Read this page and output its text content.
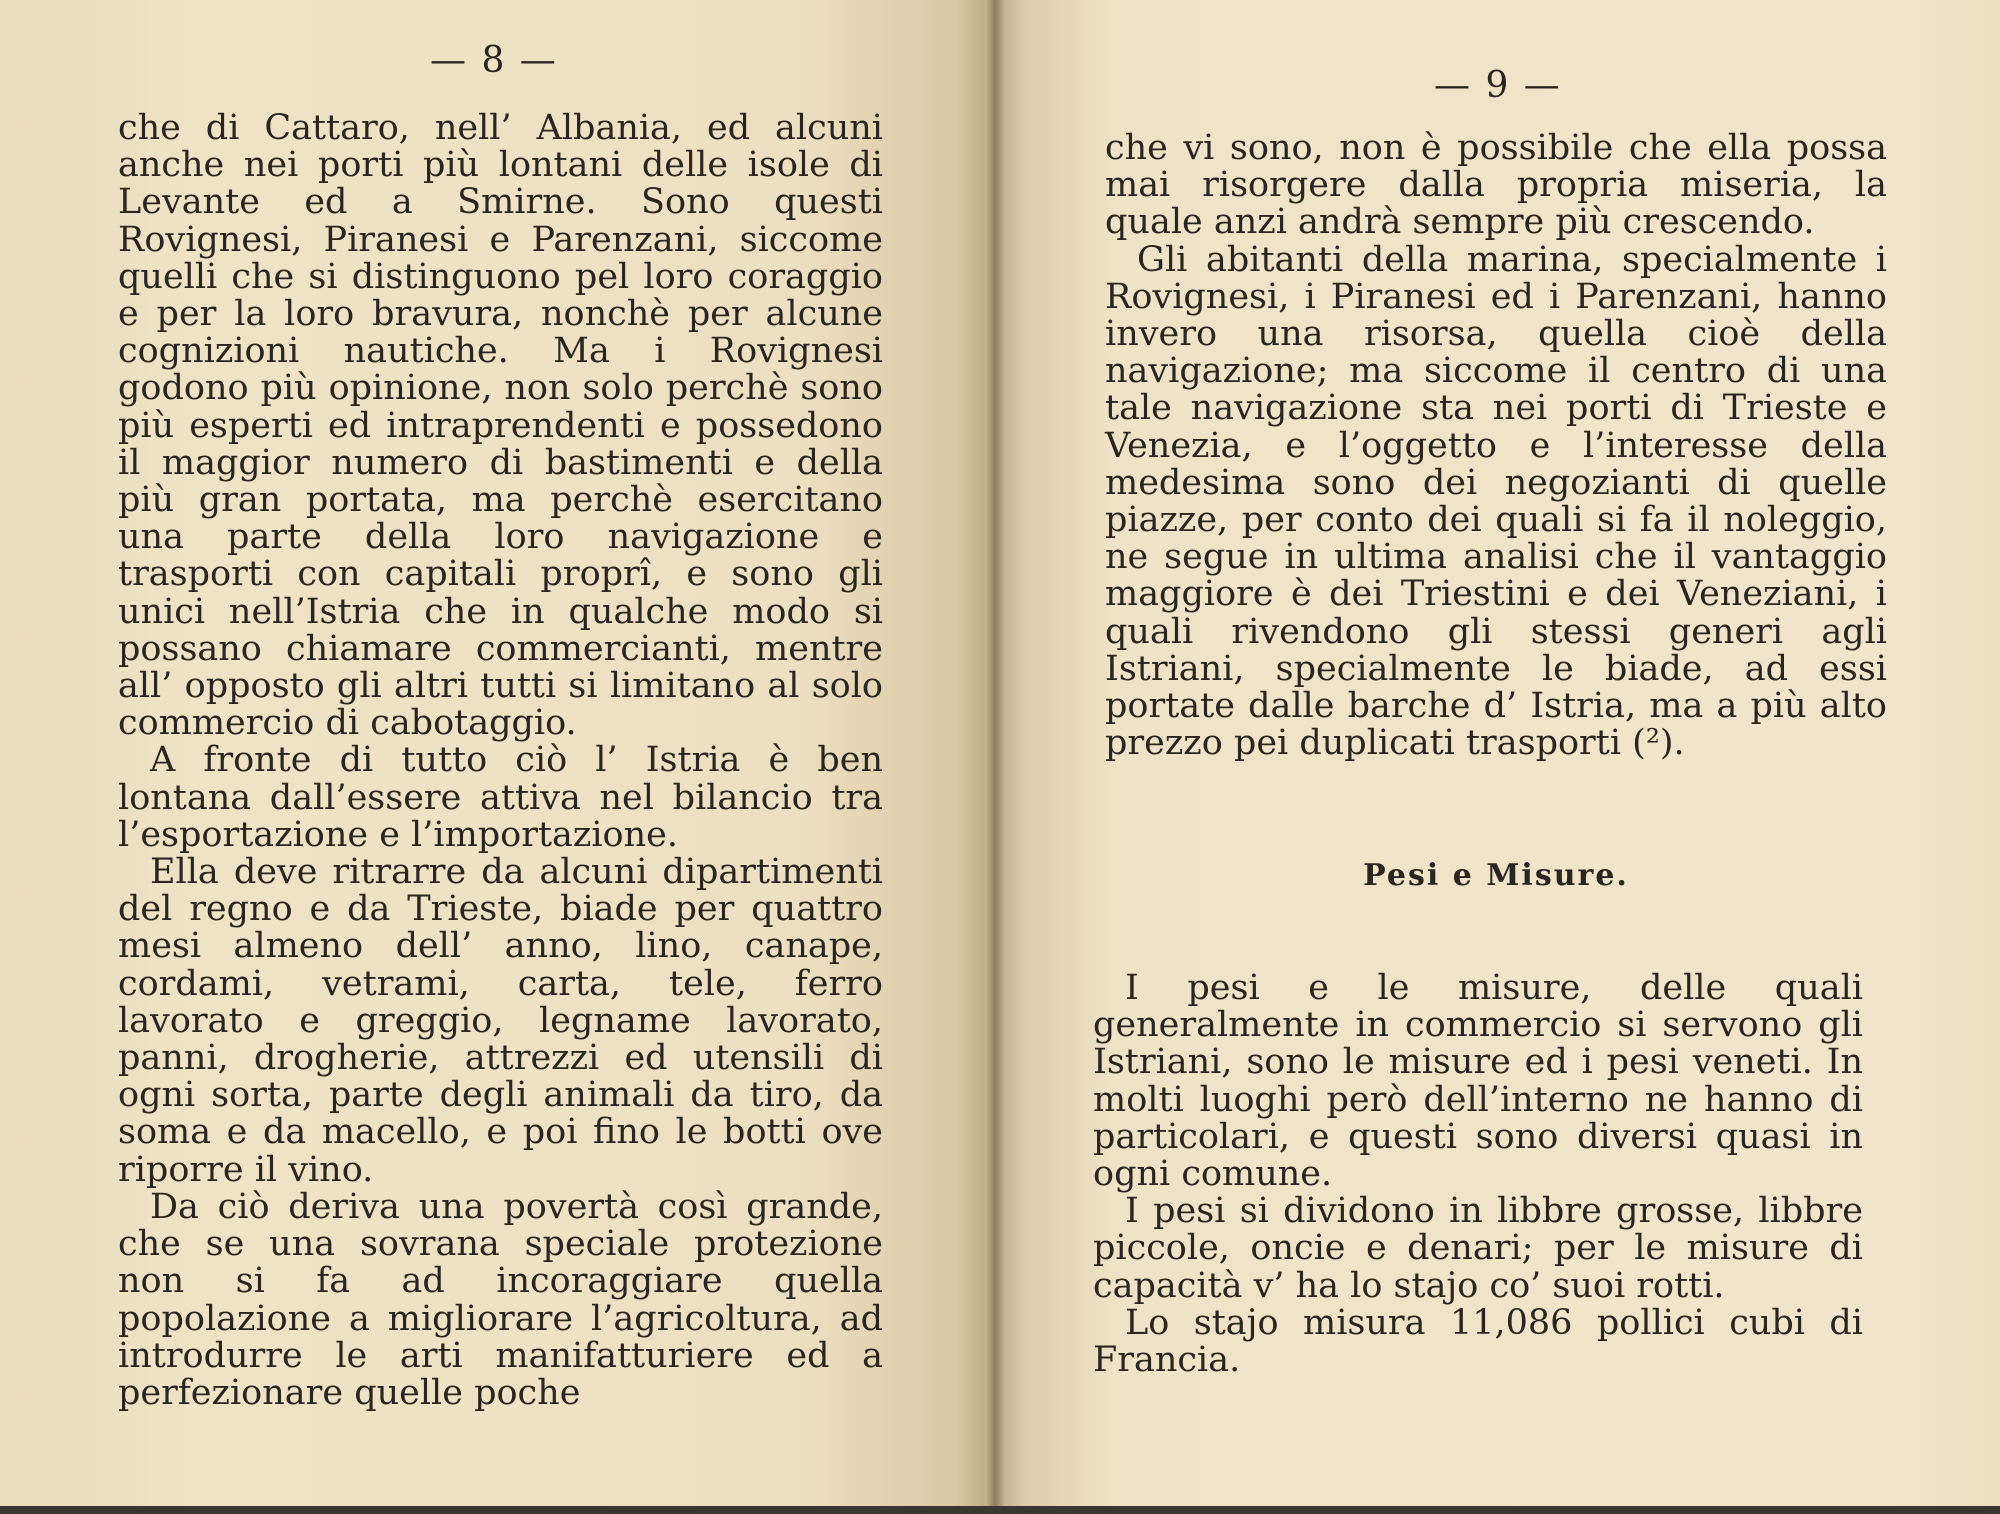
— 8 —

che di Cattaro, nell’ Albania, ed alcuni anche nei porti più lontani delle isole di Levante ed a Smirne. Sono questi Rovignesi, Piranesi e Parenzani, siccome quelli che si distinguono pel loro coraggio e per la loro bravura, nonchè per alcune cognizioni nautiche. Ma i Rovignesi godono più opinione, non solo perchè sono più esperti ed intraprendenti e possedono il maggior numero di bastimenti e della più gran portata, ma perchè esercitano una parte della loro navigazione e trasporti con capitali proprî, e sono gli unici nell’Istria che in qualche modo si possano chiamare commercianti, mentre all’ opposto gli altri tutti si limitano al solo commercio di cabotaggio.

A fronte di tutto ciò l’ Istria è ben lontana dall’essere attiva nel bilancio tra l’esportazione e l’importazione.

Ella deve ritrarre da alcuni dipartimenti del regno e da Trieste, biade per quattro mesi almeno dell’ anno, lino, canape, cordami, vetrami, carta, tele, ferro lavorato e greggio, legname lavorato, panni, drogherie, attrezzi ed utensili di ogni sorta, parte degli animali da tiro, da soma e da macello, e poi fino le botti ove riporre il vino.

Da ciò deriva una povertà così grande, che se una sovrana speciale protezione non si fa ad incoraggiare quella popolazione a migliorare l’agricoltura, ad introdurre le arti manifatturiere ed a perfezionare quelle poche

— 9 —

che vi sono, non è possibile che ella possa mai risorgere dalla propria miseria, la quale anzi andrà sempre più crescendo.

Gli abitanti della marina, specialmente i Rovignesi, i Piranesi ed i Parenzani, hanno invero una risorsa, quella cioè della navigazione; ma siccome il centro di una tale navigazione sta nei porti di Trieste e Venezia, e l’oggetto e l’interesse della medesima sono dei negozianti di quelle piazze, per conto dei quali si fa il noleggio, ne segue in ultima analisi che il vantaggio maggiore è dei Triestini e dei Veneziani, i quali rivendono gli stessi generi agli Istriani, specialmente le biade, ad essi portate dalle barche d’ Istria, ma a più alto prezzo pei duplicati trasporti (²).

Pesi e Misure.

I pesi e le misure, delle quali generalmente in commercio si servono gli Istriani, sono le misure ed i pesi veneti. In molti luoghi però dell’interno ne hanno di particolari, e questi sono diversi quasi in ogni comune.

I pesi si dividono in libbre grosse, libbre piccole, oncie e denari; per le misure di capacità v’ ha lo stajo co’ suoi rotti.

Lo stajo misura 11,086 pollici cubi di Francia.
